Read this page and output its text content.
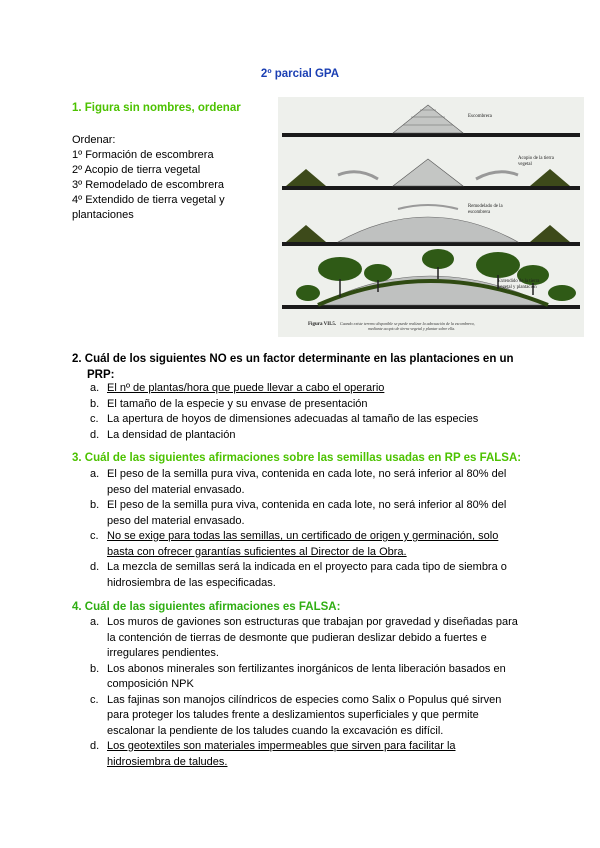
2º parcial GPA
1. Figura sin nombres, ordenar
Ordenar:
1º Formación de escombrera
2º Acopio de tierra vegetal
3º Remodelado de escombrera
4º Extendido de tierra vegetal y
plantaciones
Escombrera
Acopio de la tierra vegetal
Remodelado de la escombrera
Extendido de la tierra vegetal y plantación
Figura VII.5. Cuando existe terreno disponible se puede realizar la adecuación de la escombrera, mediante acopio de tierra vegetal y plantar sobre ella.
2. Cuál de los siguientes NO es un factor determinante en las plantaciones en un
PRP:
a. El nº de plantas/hora que puede llevar a cabo el operario
b. El tamaño de la especie y su envase de presentación
c. La apertura de hoyos de dimensiones adecuadas al tamaño de las especies
d. La densidad de plantación
3. Cuál de las siguientes afirmaciones sobre las semillas usadas en RP es FALSA:
a. El peso de la semilla pura viva, contenida en cada lote, no será inferior al 80% del peso del material envasado.
b. El peso de la semilla pura viva, contenida en cada lote, no será inferior al 80% del peso del material envasado.
c. No se exige para todas las semillas, un certificado de origen y germinación, solo basta con ofrecer garantías suficientes al Director de la Obra.
d. La mezcla de semillas será la indicada en el proyecto para cada tipo de siembra o hidrosiembra de las especificadas.
4. Cuál de las siguientes afirmaciones es FALSA:
a. Los muros de gaviones son estructuras que trabajan por gravedad y diseñadas para la contención de tierras de desmonte que pudieran deslizar debido a fuertes e irregulares pendientes.
b. Los abonos minerales son fertilizantes inorgánicos de lenta liberación basados en composición NPK
c. Las fajinas son manojos cilíndricos de especies como Salix o Populus qué sirven para proteger los taludes frente a deslizamientos superficiales y que permite escalonar la pendiente de los taludes cuando la excavación es difícil.
d. Los geotextiles son materiales impermeables que sirven para facilitar la hidrosiembra de taludes.
